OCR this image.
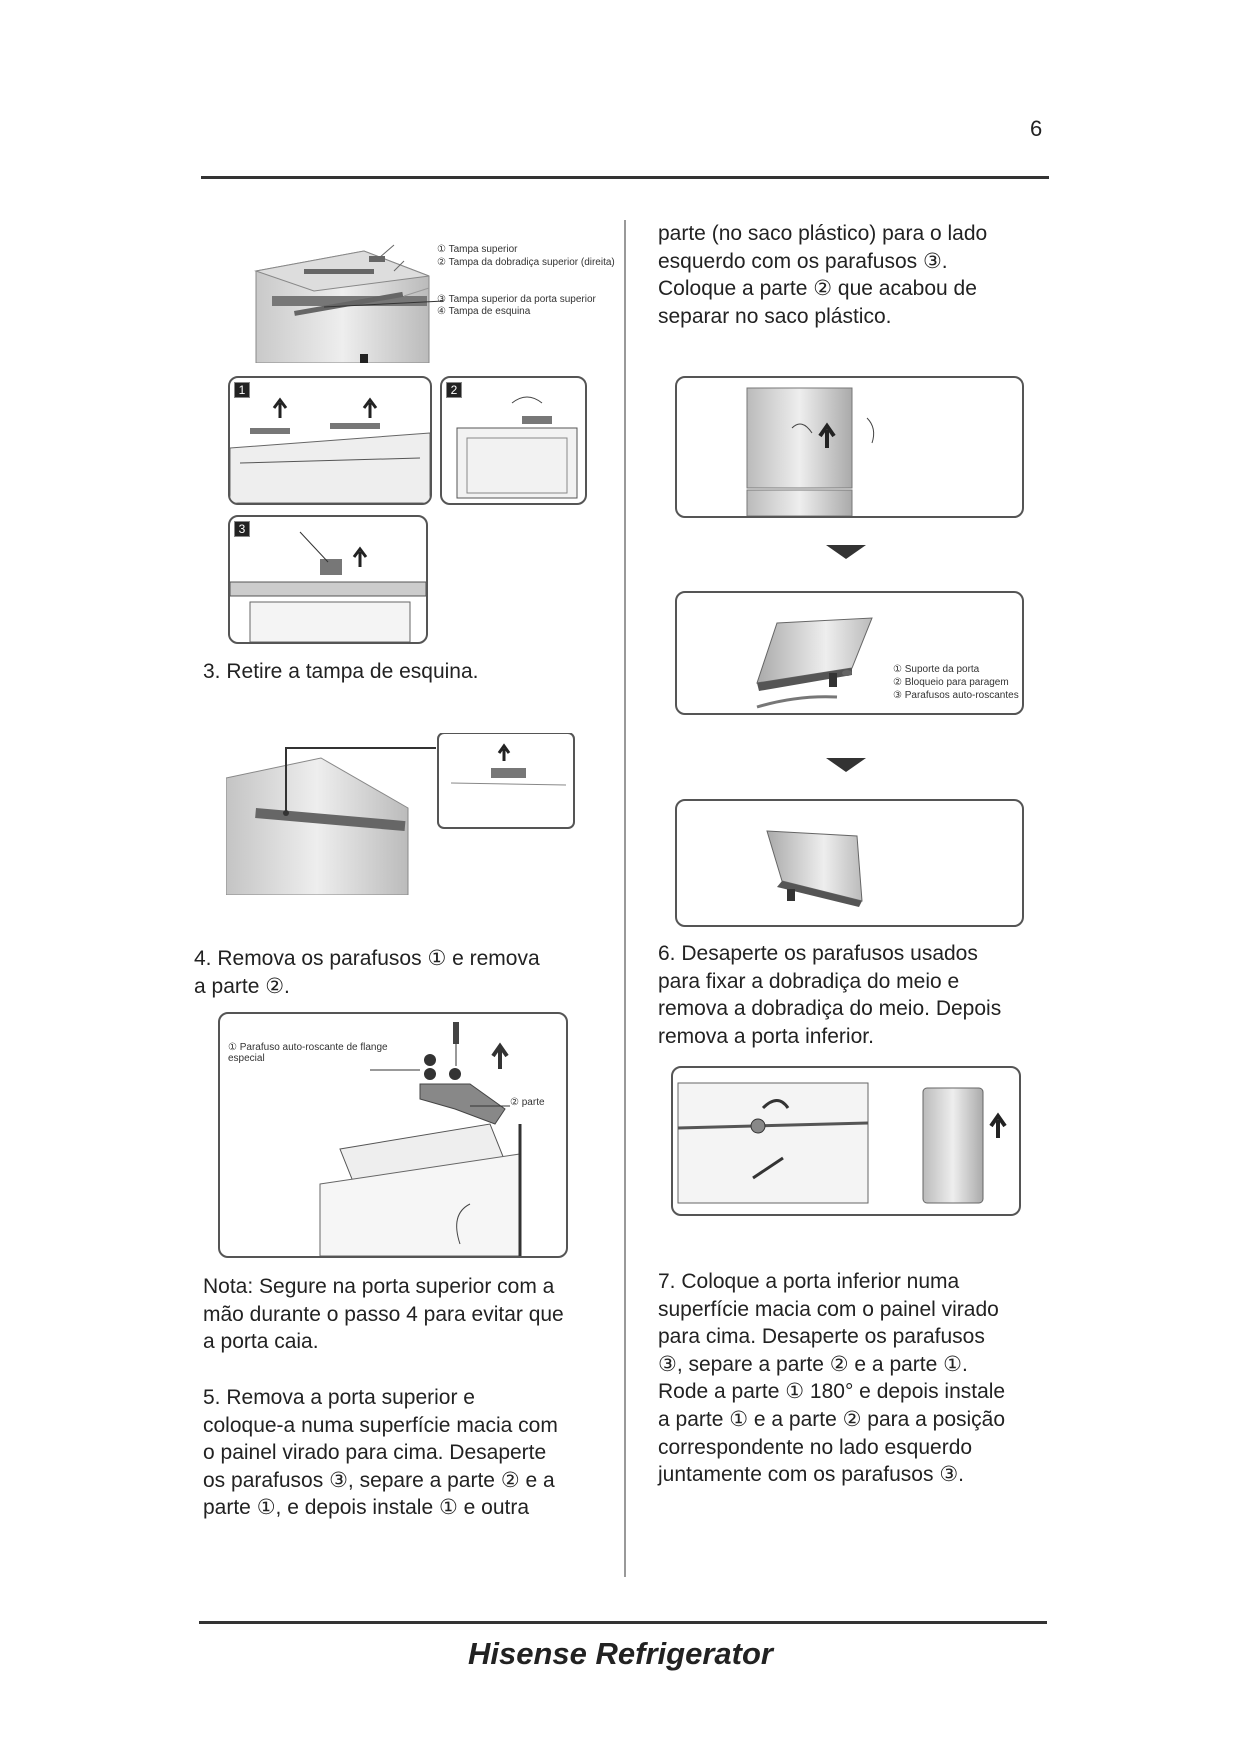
6
① Tampa superior
② Tampa da dobradiça superior (direita)
③ Tampa superior da porta superior
④ Tampa de esquina
1	2
3
3. Retire a tampa de esquina.
4. Remova os parafusos ① e remova
a parte ②.
① Parafuso auto-roscante de flange especial
② parte
Nota: Segure na porta superior com a
mão durante o passo 4 para evitar que
a porta caia.
5. Remova a porta superior e
coloque-a numa superfície macia com
o painel virado para cima. Desaperte
os parafusos ③, separe a parte ② e a
parte ①, e depois instale ① e outra
parte (no saco plástico) para o lado
esquerdo com os parafusos ③.
Coloque a parte ② que acabou de
separar no saco plástico.
① Suporte da porta
② Bloqueio para paragem
③ Parafusos auto-roscantes
6. Desaperte os parafusos usados
para fixar a dobradiça do meio e
remova a dobradiça do meio. Depois
remova a porta inferior.
7. Coloque a porta inferior numa
superfície macia com o painel virado
para cima. Desaperte os parafusos
③, separe a parte ② e a parte ①.
Rode a parte ① 180° e depois instale
a parte ① e a parte ② para a posição
correspondente no lado esquerdo
juntamente com os parafusos ③.
Hisense Refrigerator
